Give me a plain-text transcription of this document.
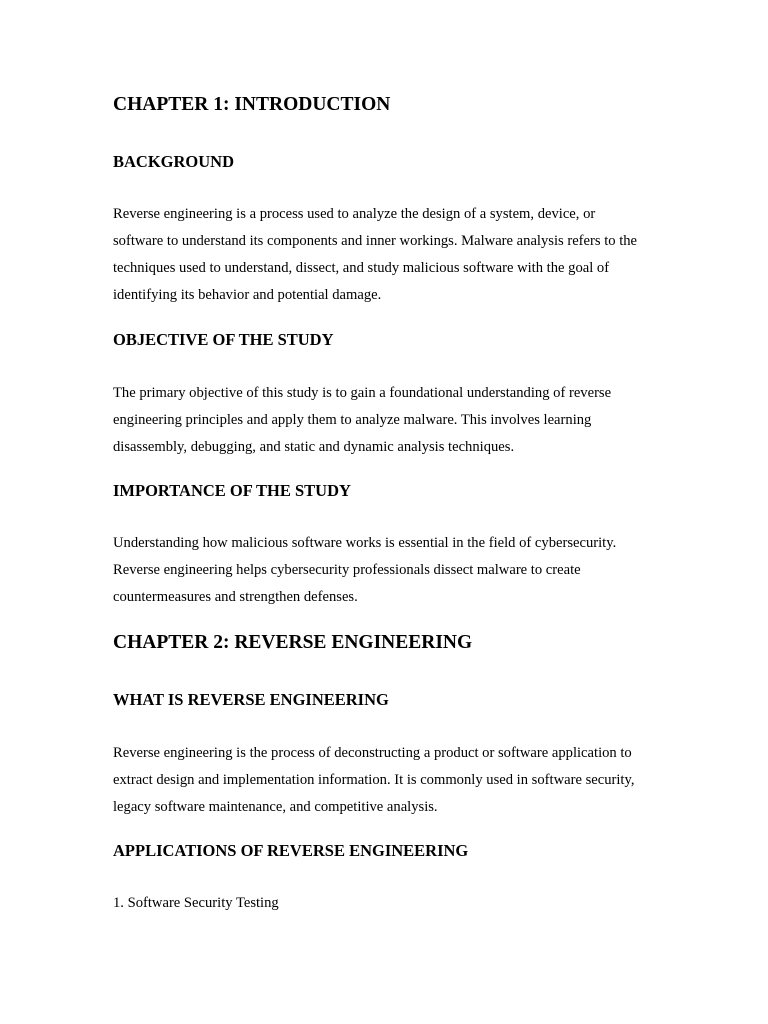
CHAPTER 1: INTRODUCTION
BACKGROUND

Reverse engineering is a process used to analyze the design of a system, device, or
software to understand its components and inner workings. Malware analysis refers to the
techniques used to understand, dissect, and study malicious software with the goal of
identifying its behavior and potential damage.

OBJECTIVE OF THE STUDY

The primary objective of this study is to gain a foundational understanding of reverse
engineering principles and apply them to analyze malware. This involves learning
disassembly, debugging, and static and dynamic analysis techniques.

IMPORTANCE OF THE STUDY

Understanding how malicious software works is essential in the field of cybersecurity.
Reverse engineering helps cybersecurity professionals dissect malware to create
countermeasures and strengthen defenses.

CHAPTER 2: REVERSE ENGINEERING
WHAT IS REVERSE ENGINEERING

Reverse engineering is the process of deconstructing a product or software application to
extract design and implementation information. It is commonly used in software security,
legacy software maintenance, and competitive analysis.

APPLICATIONS OF REVERSE ENGINEERING

1. Software Security Testing
